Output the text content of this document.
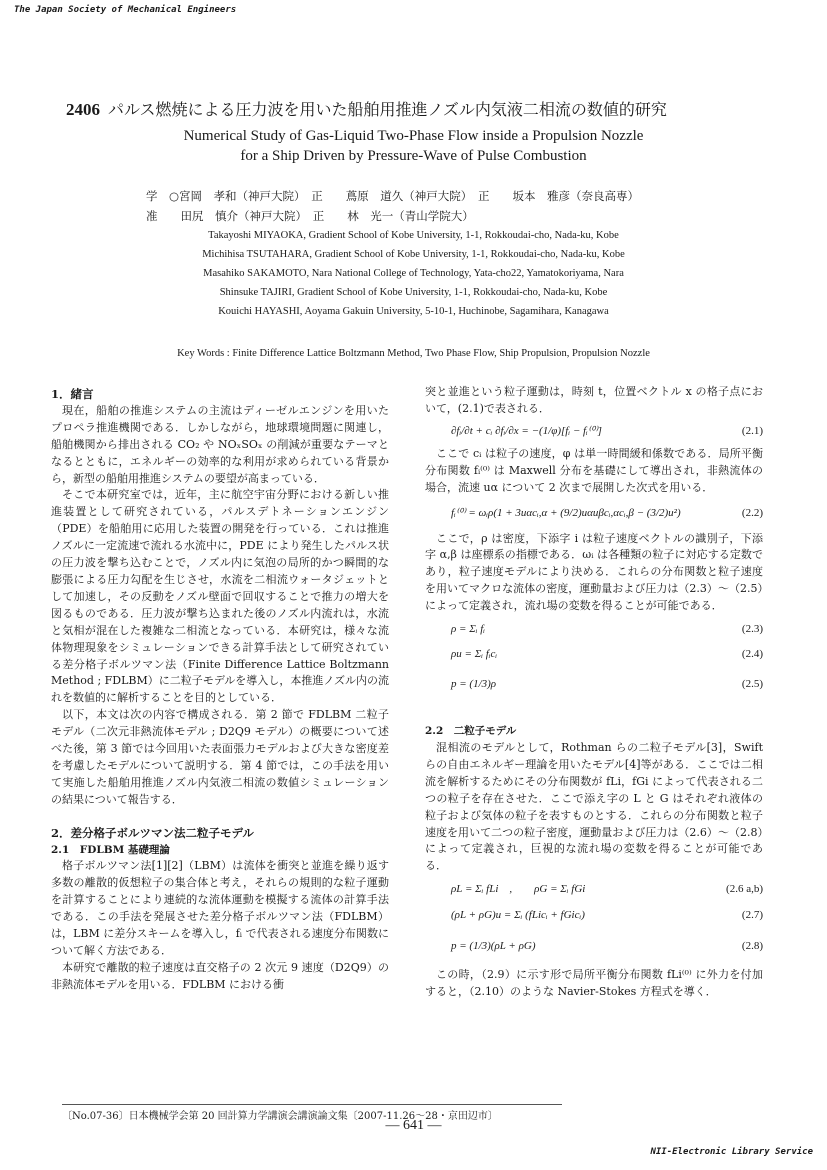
The Japan Society of Mechanical Engineers
2406 パルス燃焼による圧力波を用いた船舶用推進ノズル内気液二相流の数値的研究
Numerical Study of Gas-Liquid Two-Phase Flow inside a Propulsion Nozzle
for a Ship Driven by Pressure-Wave of Pulse Combustion
学　○宮岡　孝和（神戸大院）　正　　蔦原　道久（神戸大院）　正　　坂本　雅彦（奈良高専）
准　　田尻　慎介（神戸大院）　正　　林　光一（青山学院大）
Takayoshi MIYAOKA, Gradient School of Kobe University, 1-1, Rokkoudai-cho, Nada-ku, Kobe
Michihisa TSUTAHARA, Gradient School of Kobe University, 1-1, Rokkoudai-cho, Nada-ku, Kobe
Masahiko SAKAMOTO, Nara National College of Technology, Yata-cho22, Yamatokoriyama, Nara
Shinsuke TAJIRI, Gradient School of Kobe University, 1-1, Rokkoudai-cho, Nada-ku, Kobe
Kouichi HAYASHI, Aoyama Gakuin University, 5-10-1, Huchinobe, Sagamihara, Kanagawa
Key Words : Finite Difference Lattice Boltzmann Method, Two Phase Flow, Ship Propulsion, Propulsion Nozzle
1．緒言

現在，船舶の推進システムの主流はディーゼルエンジンを用いたプロペラ推進機関である．しかしながら，地球環境問題に関連し，船舶機関から排出される CO₂ や NOₓSOₓ の削減が重要なテーマとなるとともに，エネルギーの効率的な利用が求められている背景から，新型の船舶用推進システムの要望が高まっている．

そこで本研究室では，近年，主に航空宇宙分野における新しい推進装置として研究されている，パルスデトネーションエンジン（PDE）を船舶用に応用した装置の開発を行っている．これは推進ノズルに一定流速で流れる水流中に，PDE により発生したパルス状の圧力波を撃ち込むことで，ノズル内に気泡の局所的かつ瞬間的な膨張による圧力勾配を生じさせ，水流を二相流ウォータジェットとして加速し，その反動をノズル壁面で回収することで推力の増大を図るものである．圧力波が撃ち込まれた後のノズル内流れは，水流と気相が混在した複雑な二相流となっている．本研究は，様々な流体物理現象をシミュレーションできる計算手法として研究されている差分格子ボルツマン法（Finite Difference Lattice Boltzmann Method ; FDLBM）に二粒子モデルを導入し，本推進ノズル内の流れを数値的に解析することを目的としている．

以下，本文は次の内容で構成される．第 2 節で FDLBM 二粒子モデル（二次元非熱流体モデル ; D2Q9 モデル）の概要について述べた後，第 3 節では今回用いた表面張力モデルおよび大きな密度差を考慮したモデルについて説明する．第 4 節では，この手法を用いて実施した船舶用推進ノズル内気液二相流の数値シミュレーションの結果について報告する．

2．差分格子ボルツマン法二粒子モデル
2.1　FDLBM 基礎理論

格子ボルツマン法[1][2]（LBM）は流体を衝突と並進を繰り返す多数の離散的仮想粒子の集合体と考え，それらの規則的な粒子運動を計算することにより連続的な流体運動を模擬する流体の計算手法である．この手法を発展させた差分格子ボルツマン法（FDLBM）は，LBM に差分スキームを導入し，fᵢ で代表される速度分布関数について解く方法である．

本研究で離散的粒子速度は直交格子の 2 次元 9 速度（D2Q9）の非熱流体モデルを用いる．FDLBM における衝

突と並進という粒子運動は，時刻 t，位置ベクトル x の格子点において，(2.1)で表される．

∂fᵢ/∂t + cᵢ ∂fᵢ/∂x = −(1/φ)[fᵢ − fᵢ⁽⁰⁾]	(2.1)

ここで cᵢ は粒子の速度，φ は単一時間緩和係数である．局所平衡分布関数 fᵢ⁽⁰⁾ は Maxwell 分布を基礎にして導出され，非熱流体の場合，流速 uα について 2 次まで展開した次式を用いる．

fᵢ⁽⁰⁾ = ωᵢρ(1 + 3uαcᵢ,α + (9/2)uαuβcᵢ,αcᵢ,β − (3/2)u²)	(2.2)

ここで，ρ は密度，下添字 i は粒子速度ベクトルの識別子，下添字 α,β は座標系の指標である．ωᵢ は各種類の粒子に対応する定数であり，粒子速度モデルにより決める．これらの分布関数と粒子速度を用いてマクロな流体の密度，運動量および圧力は（2.3）～（2.5）によって定義され，流れ場の変数を得ることが可能である．

ρ = Σᵢ fᵢ	(2.3)
ρu = Σᵢ fᵢcᵢ	(2.4)
p = (1/3)ρ	(2.5)
2.2　二粒子モデル

混相流のモデルとして，Rothman らの二粒子モデル[3]，Swift らの自由エネルギー理論を用いたモデル[4]等がある．ここでは二相流を解析するためにその分布関数が fLi，fGi によって代表される二つの粒子を存在させた．ここで添え字の L と G はそれぞれ液体の粒子および気体の粒子を表すものとする．これらの分布関数と粒子速度を用いて二つの粒子密度，運動量および圧力は（2.6）～（2.8）によって定義され，巨視的な流れ場の変数を得ることが可能である．

ρL = Σᵢ fLi　,　　ρG = Σᵢ fGi	(2.6 a,b)
(ρL + ρG)u = Σᵢ (fLicᵢ + fGicᵢ)	(2.7)
p = (1/3)(ρL + ρG)	(2.8)

この時，（2.9）に示す形で局所平衡分布関数 fLi⁽⁰⁾ に外力を付加すると，（2.10）のような Navier-Stokes 方程式を導く．

〔No.07-36〕日本機械学会第 20 回計算力学講演会講演論文集〔2007-11.26～28・京田辺市〕
— 641 —
NII-Electronic Library Service
